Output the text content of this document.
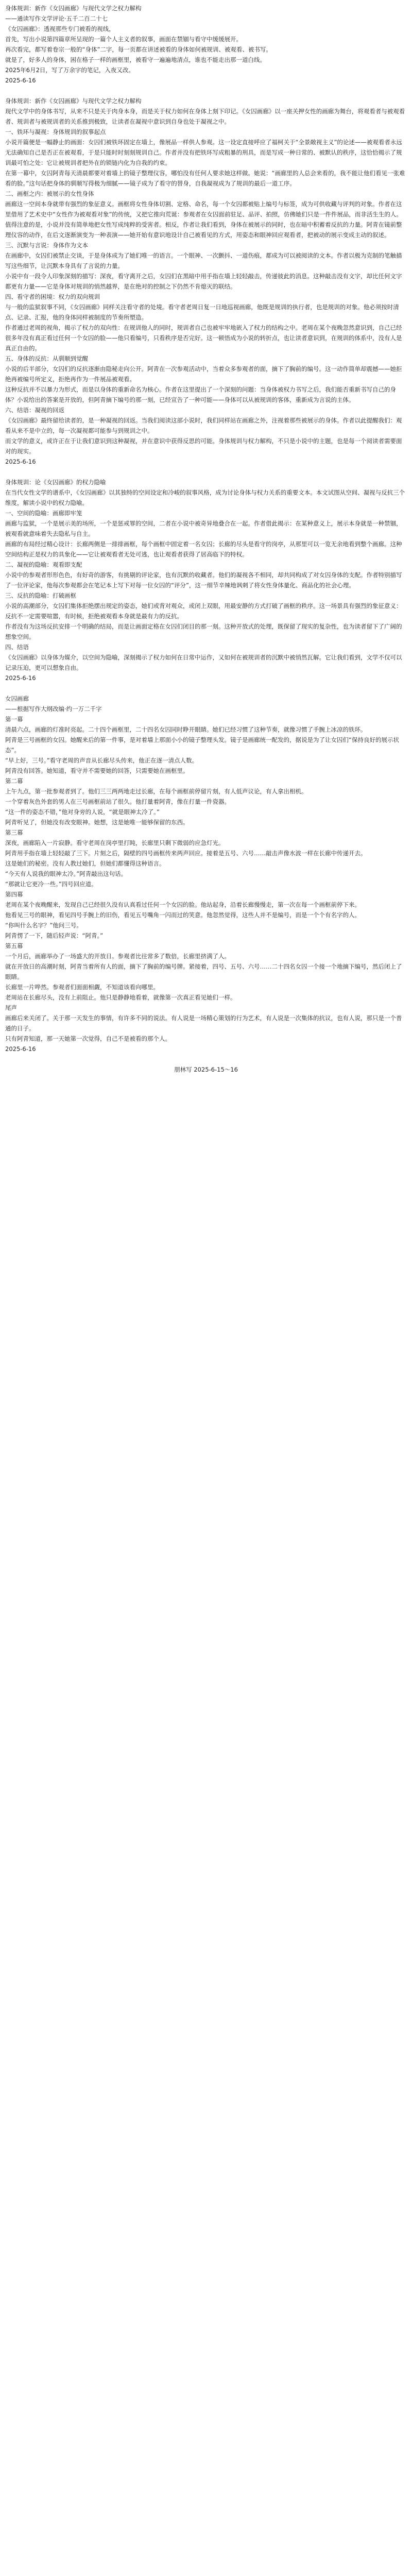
身体规训：新作《女囚画廊》与现代文学之权力解构

——通读写作文学评论·五千二百二十七

《女囚画廊》：透视那些专门被看的视线，

首先，写出小说第四篇章所呈现的一篇个人主义者的叙事，画面在禁锢与看守中缓缓展开。

再次看完，都写着卷宗一般的“身体”二字，每一页都在讲述被看的身体如何被规训、被观看、被书写。

就是了，好多人的身体，困在格子一样的画框里，被看守一遍遍地清点，谁也不能走出那一道白线。

2025年6月2日，写了万余字的笔记，入夜又改。

2025-6-16

身体规训：新作《女囚画廊》与现代文学之权力解构

现代文学中的身体书写，从来不只是关于肉身本身，而是关于权力如何在身体上刻下印记。《女囚画廊》以一座关押女性的画廊为舞台，将观看者与被观看者、规训者与被规训者的关系推到极致，让读者在凝视中意识到自身也处于凝视之中。

一、铁环与凝视：身体规训的叙事起点

小说开篇便是一幅静止的画面：女囚们被铁环固定在墙上，像展品一样供人参观。这一设定直接呼应了福柯关于“全景敞视主义”的论述——被观看者永远无法确知自己是否正在被观看，于是只能时时刻刻规训自己。作者并没有把铁环写成粗暴的刑具，而是写成一种日常的、被默认的秩序，这恰恰揭示了规训最可怕之处：它让被规训者把外在的锁链内化为自我的约束。

在第一幕中，女囚阿青每天清晨都要对着墙上的镜子整理仪容，哪怕没有任何人要求她这样做。她说：“画廊里的人总会来看的，我不能让他们看见一张难看的脸。”这句话把身体的驯顺写得极为细腻——镜子成为了看守的替身，自我凝视成为了规训的最后一道工序。

二、画框之内：被展示的女性身体

画廊这一空间本身就带有强烈的象征意义。画框将女性身体切割、定格、命名，每一个女囚都被贴上编号与标签，成为可供收藏与评判的对象。作者在这里借用了艺术史中“女性作为被观看对象”的传统，又把它推向荒诞：参观者在女囚面前驻足、品评、拍照，仿佛她们只是一件件展品，而非活生生的人。

值得注意的是，小说并没有简单地把女性写成纯粹的受害者。相反，作者让我们看到，身体在被展示的同时，也在暗中积蓄着反抗的力量。阿青在镜前整理仪容的动作，在后文逐渐演变为一种表演——她开始有意识地设计自己被看见的方式，用姿态和眼神回应观看者，把被动的展示变成主动的叙述。

三、沉默与言说：身体作为文本

在画廊中，女囚们被禁止交谈，于是身体成为了她们唯一的语言。一个眼神、一次颤抖、一道伤痕，都成为可以被阅读的文本。作者以极为克制的笔触描写这些细节，让沉默本身具有了言说的力量。

小说中有一段令人印象深刻的描写：深夜，看守离开之后，女囚们在黑暗中用手指在墙上轻轻敲击，传递彼此的消息。这种敲击没有文字，却比任何文字都更有力量——它是身体对规训的悄然越界，是在绝对的控制之下仍然不肯熄灭的联结。

四、看守者的困境：权力的双向规训

与一般的监狱叙事不同，《女囚画廊》同样关注看守者的处境。看守者老周日复一日地巡视画廊，他既是规训的执行者，也是规训的对象。他必须按时清点、记录、汇报，他的身体同样被制度的节奏所塑造。

作者通过老周的视角，揭示了权力的双向性：在规训他人的同时，规训者自己也被牢牢地嵌入了权力的结构之中。老周在某个夜晚忽然意识到，自己已经很多年没有真正看过任何一个女囚的脸——他只看编号，只看秩序是否完好。这一顿悟成为小说的转折点，也让读者意识到，在规训的体系中，没有人是真正自由的。

五、身体的反抗：从驯顺到觉醒

小说的后半部分，女囚们的反抗逐渐由隐秘走向公开。阿青在一次参观活动中，当着众多参观者的面，摘下了胸前的编号。这一动作简单却震撼——她拒绝再被编号所定义，拒绝再作为一件展品被观看。

这种反抗并不以暴力为形式，而是以身体的重新命名为核心。作者在这里提出了一个深刻的问题：当身体被权力书写之后，我们能否重新书写自己的身体？小说给出的答案是开放的，但阿青摘下编号的那一刻，已经宣告了一种可能——身体可以从被规训的客体，重新成为言说的主体。

六、结语：凝视的回返

《女囚画廊》最终留给读者的，是一种凝视的回返。当我们阅读这部小说时，我们同样站在画廊之外，注视着那些被展示的身体。作者以此提醒我们：观看从来不是中立的，每一次凝视都可能参与到规训之中。

而文学的意义，或许正在于让我们意识到这种凝视，并在意识中获得反思的可能。身体规训与权力解构，不只是小说中的主题，也是每一个阅读者需要面对的现实。

2025-6-16

身体规训：论《女囚画廊》的权力隐喻

在当代女性文学的谱系中，《女囚画廊》以其独特的空间设定和冷峻的叙事风格，成为讨论身体与权力关系的重要文本。本文试图从空间、凝视与反抗三个维度，解读小说中的权力隐喻。

一、空间的隐喻：画廊即牢笼

画廊与监狱，一个是展示美的场所，一个是惩戒罪的空间，二者在小说中被奇异地叠合在一起。作者借此揭示：在某种意义上，展示本身就是一种禁锢，被观看就意味着失去隐私与自主。

画廊的布局经过精心设计：长廊两侧是一排排画框，每个画框中固定着一名女囚；长廊的尽头是看守的岗亭，从那里可以一览无余地看到整个画廊。这种空间结构正是权力的具象化——它让被观看者无处可逃，也让观看者获得了居高临下的特权。

二、凝视的隐喻：观看即支配

小说中的参观者形形色色，有好奇的游客，有挑剔的评论家，也有沉默的收藏者。他们的凝视各不相同，却共同构成了对女囚身体的支配。作者特别描写了一位评论家，他每次参观都会在笔记本上写下对每一位女囚的“评分”，这一细节辛辣地讽刺了将女性身体量化、商品化的社会心理。

三、反抗的隐喻：打破画框

小说的高潮部分，女囚们集体拒绝摆出规定的姿态，她们或背对观众，或闭上双眼，用最安静的方式打破了画框的秩序。这一场景具有强烈的象征意义：反抗不一定需要喧嚣，有时候，拒绝被观看本身就是最有力的反抗。

作者没有为这场反抗安排一个明确的结局，而是让画面定格在女囚们闭目的那一刻。这种开放式的处理，既保留了现实的复杂性，也为读者留下了广阔的想象空间。

四、结语

《女囚画廊》以身体为媒介，以空间为隐喻，深刻揭示了权力如何在日常中运作，又如何在被规训者的沉默中被悄然瓦解。它让我们看到，文学不仅可以记录压迫，更可以想象自由。

2025-6-16

女囚画廊

——根据写作大纲改编·约一万二千字

第一幕

清晨六点，画廊的灯准时亮起。二十四个画框里，二十四名女囚同时睁开眼睛。她们已经习惯了这种节奏，就像习惯了手腕上冰凉的铁环。

阿青是三号画框的女囚。她醒来后的第一件事，是对着墙上那面小小的镜子整理头发。镜子是画廊统一配发的，据说是为了让女囚们“保持良好的展示状态”。

“早上好，三号。”看守老周的声音从长廊尽头传来，他正在逐一清点人数。

阿青没有回答。她知道，看守并不需要她的回答，只需要她在画框里。

第二幕

上午九点，第一批参观者到了。他们三三两两地走过长廊，在每个画框前停留片刻，有人低声议论，有人拿出相机。

一个穿着灰色外套的男人在三号画框前站了很久。他打量着阿青，像在打量一件瓷器。

“这一件的姿态不错，”他对身旁的人说，“就是眼神太冷了。”

阿青听见了，但她没有改变眼神。她想，这是她唯一能够保留的东西。

第三幕

深夜，画廊陷入一片寂静。看守老周在岗亭里打盹，长廊里只剩下微弱的应急灯光。

阿青用手指在墙上轻轻敲了三下。片刻之后，隔壁的四号画框传来两声回应。接着是五号、六号……敲击声像水波一样在长廊中传递开去。

这是她们的秘密。没有人教过她们，但她们都懂得这种语言。

“今天有人说我的眼神太冷。”阿青敲出这句话。

“那就让它更冷一些。”四号回应道。

第四幕

老周在某个夜晚醒来，发现自己已经很久没有认真看过任何一个女囚的脸。他站起身，沿着长廊慢慢走，第一次在每一个画框前停下来。

他看见三号的眼神，看见四号手腕上的旧伤，看见五号嘴角一闪而过的笑意。他忽然觉得，这些人并不是编号，而是一个个有名字的人。

“你叫什么名字？”他问三号。

阿青愣了一下，随后轻声说：“阿青。”

第五幕

一个月后，画廊举办了一场盛大的开放日。参观者比往常多了数倍，长廊里挤满了人。

就在开放日的高潮时刻，阿青当着所有人的面，摘下了胸前的编号牌。紧接着，四号、五号、六号……二十四名女囚一个接一个地摘下编号，然后闭上了眼睛。

长廊里一片哗然。参观者们面面相觑，不知道该看向哪里。

老周站在长廊尽头，没有上前阻止。他只是静静地看着，就像第一次真正看见她们一样。

尾声

画廊后来关闭了。关于那一天发生的事情，有许多不同的说法。有人说是一场精心策划的行为艺术，有人说是一次集体的抗议，也有人说，那只是一个普通的日子。

只有阿青知道，那一天她第一次觉得，自己不是被看的那个人。

2025-6-16

朋林写 2025-6-15～16
